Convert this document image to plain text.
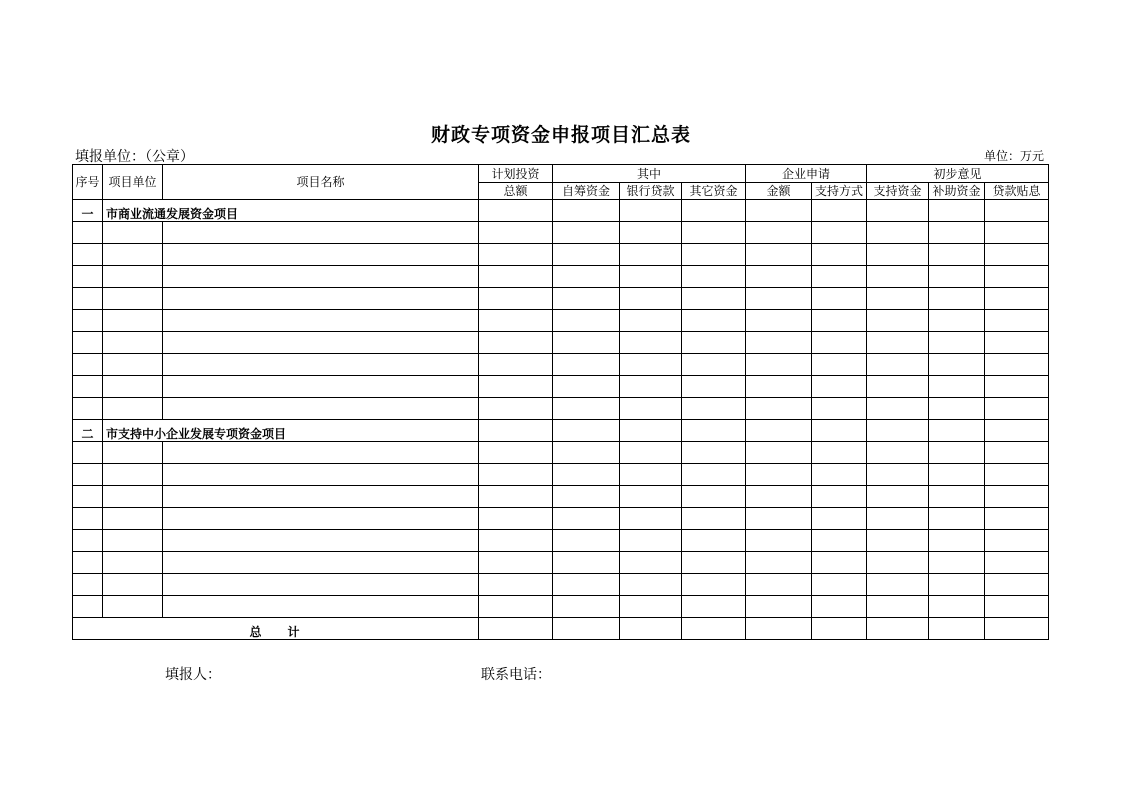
财政专项资金申报项目汇总表
填报单位：（公章）	单位：万元
序号	项目单位	项目名称	计划投资	其中			企业申请		初步意见		
			总额	自筹资金	银行贷款	其它资金	金额	支持方式	支持资金	补助资金	贷款贴息
一	市商业流通发展资金项目										

二	市支持中小企业发展专项资金项目										

总 计											
填报人：	联系电话：
